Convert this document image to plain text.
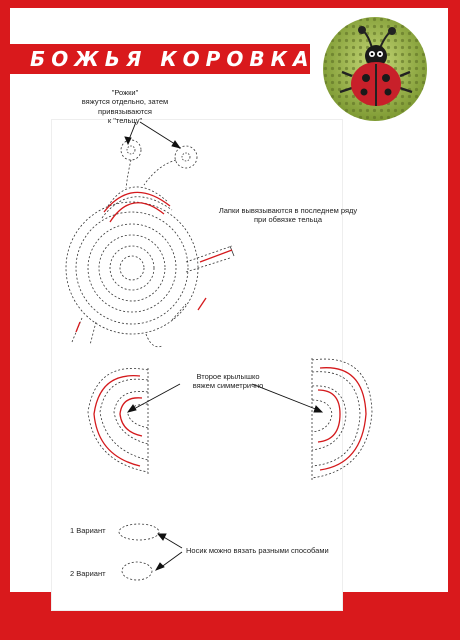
БОЖЬЯ КОРОВКА
"Рожки"
вяжутся отдельно, затем
привязываются
к "тельцу"
Лапки вывязываются в последнем ряду
при обвязке тельца
Второе крылышко
вяжем симметрично
1 Вариант
2 Вариант
Носик можно вязать разными способами
